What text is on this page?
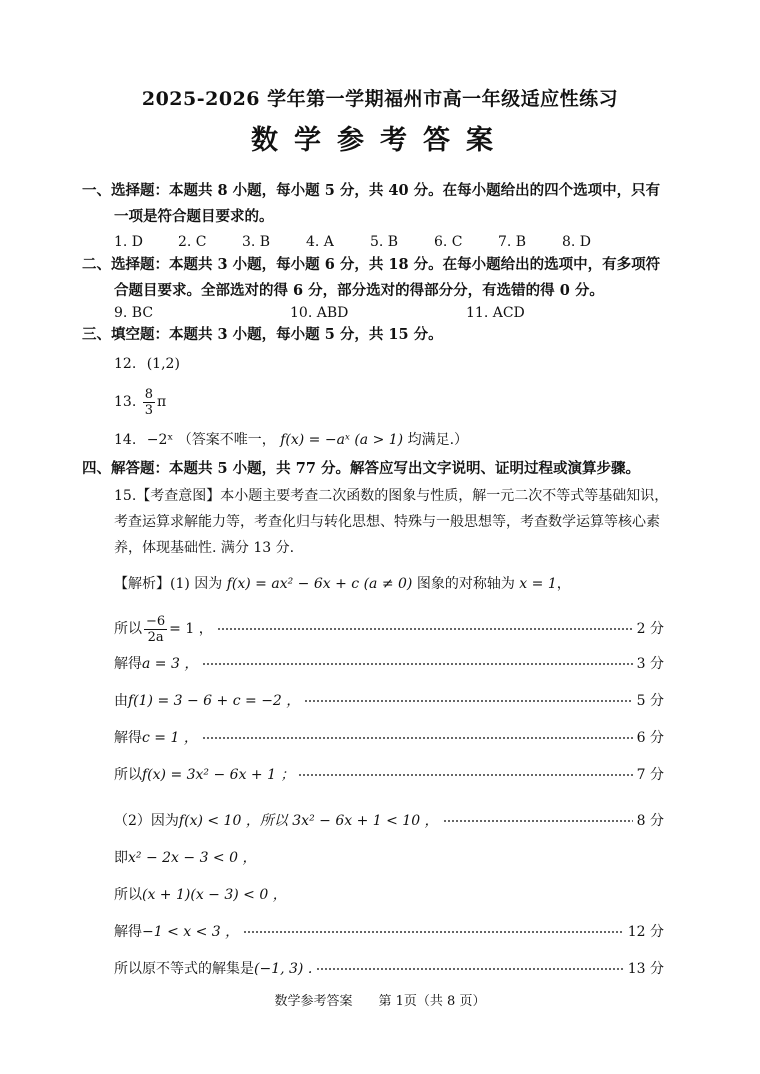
2025-2026 学年第一学期福州市高一年级适应性练习
数学参考答案
一、选择题：本题共 8 小题，每小题 5 分，共 40 分。在每小题给出的四个选项中，只有
一项是符合题目要求的。
1. D 2. C	3. B	4. A	5. B	6. C	7. B	8. D
二、选择题：本题共 3 小题，每小题 6 分，共 18 分。在每小题给出的选项中，有多项符
合题目要求。全部选对的得 6 分，部分选对的得部分分，有选错的得 0 分。
9. BC	10. ABD	11. ACD
三、填空题：本题共 3 小题，每小题 5 分，共 15 分。
12. (1,2)
13. $\frac{8}{3}$ π
14. −2ˣ （答案不唯一， f(x) = −aˣ (a > 1) 均满足.）
四、解答题：本题共 5 小题，共 77 分。解答应写出文字说明、证明过程或演算步骤。
15.【考查意图】本小题主要考查二次函数的图象与性质，解一元二次不等式等基础知识，考查运算求解能力等，考查化归与转化思想、特殊与一般思想等，考查数学运算等核心素养，体现基础性. 满分 13 分.
【解析】(1) 因为 f(x) = ax² − 6x + c (a ≠ 0) 图象的对称轴为 x = 1，
所以 $\frac{-6}{2a} = 1$ ，	2 分
解得 a = 3 ，	3 分
由 f(1) = 3 − 6 + c = −2 ，	5 分
解得 c = 1 ，	6 分
所以 f(x) = 3x² − 6x + 1 ；	7 分
（2）因为 f(x) < 10 ，所以 3x² − 6x + 1 < 10 ，	8 分
即 x² − 2x − 3 < 0 ，
所以 (x + 1)(x − 3) < 0 ，
解得 −1 < x < 3 ，	12 分
所以原不等式的解集是 (−1, 3) .	13 分
数学参考答案　　第 1页（共 8 页）
